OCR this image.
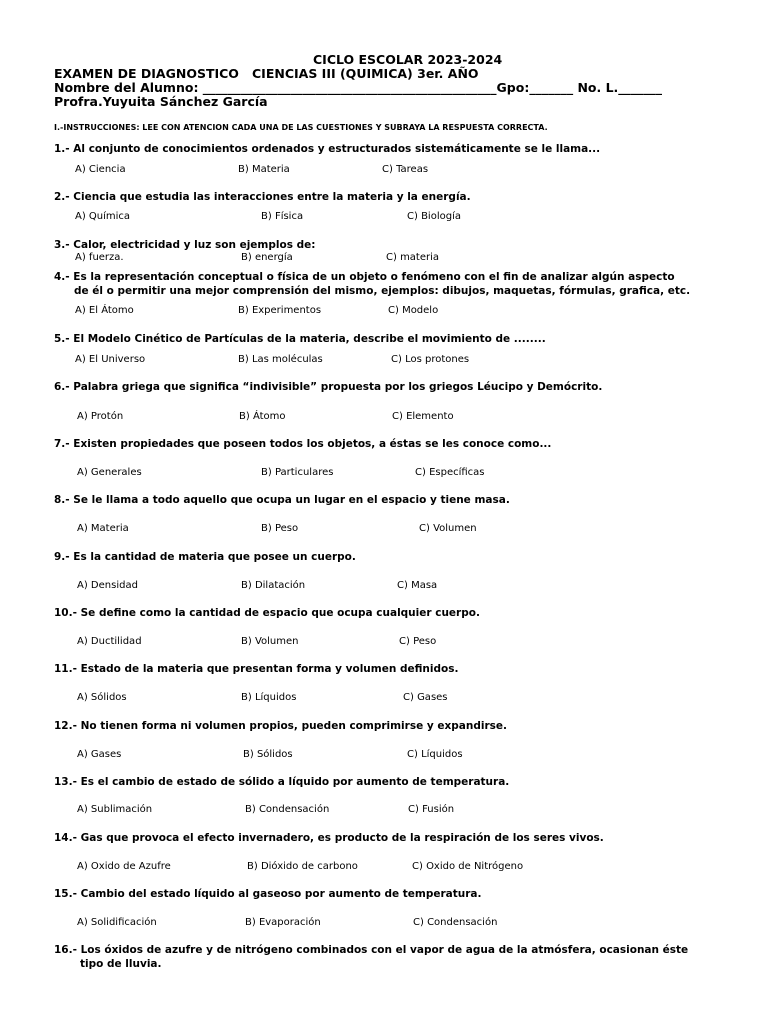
CICLO ESCOLAR 2023-2024
EXAMEN DE DIAGNOSTICO   CIENCIAS III (QUIMICA) 3er. AÑO
Nombre del Alumno: _______________________________________________Gpo:_______ No. L._______
Profra.Yuyuita Sánchez García
I.-INSTRUCCIONES: LEE CON ATENCION CADA UNA DE LAS CUESTIONES Y SUBRAYA LA RESPUESTA CORRECTA.
1.- Al conjunto de conocimientos ordenados y estructurados sistemáticamente se le llama...
A) Ciencia	B) Materia	C) Tareas
2.- Ciencia que estudia las interacciones entre la materia y la energía.
A) Química	B) Física	C) Biología
3.- Calor, electricidad y luz son ejemplos de:
A) fuerza.	B) energía	C) materia
4.- Es la representación conceptual o física de un objeto o fenómeno con el fin de analizar algún aspecto
de él o permitir una mejor comprensión del mismo, ejemplos: dibujos, maquetas, fórmulas, grafica, etc.
A) El Átomo	B) Experimentos	C) Modelo
5.- El Modelo Cinético de Partículas de la materia, describe el movimiento de ........
A) El Universo	B) Las moléculas	C) Los protones
6.- Palabra griega que significa “indivisible” propuesta por los griegos Léucipo y Demócrito.
A) Protón	B) Átomo	C) Elemento
7.- Existen propiedades que poseen todos los objetos, a éstas se les conoce como...
A) Generales	B) Particulares	C) Específicas
8.- Se le llama a todo aquello que ocupa un lugar en el espacio y tiene masa.
A) Materia	B) Peso	C) Volumen
9.- Es la cantidad de materia que posee un cuerpo.
A) Densidad	B) Dilatación	C) Masa
10.- Se define como la cantidad de espacio que ocupa cualquier cuerpo.
A) Ductilidad	B) Volumen	C) Peso
11.- Estado de la materia que presentan forma y volumen definidos.
A) Sólidos	B) Líquidos	C) Gases
12.- No tienen forma ni volumen propios, pueden comprimirse y expandirse.
A) Gases	B) Sólidos	C) Líquidos
13.- Es el cambio de estado de sólido a líquido por aumento de temperatura.
A) Sublimación	B) Condensación	C) Fusión
14.- Gas que provoca el efecto invernadero, es producto de la respiración de los seres vivos.
A) Oxido de Azufre	B) Dióxido de carbono	C) Oxido de Nitrógeno
15.- Cambio del estado líquido al gaseoso por aumento de temperatura.
A) Solidificación	B) Evaporación	C) Condensación
16.- Los óxidos de azufre y de nitrógeno combinados con el vapor de agua de la atmósfera, ocasionan éste
tipo de lluvia.
